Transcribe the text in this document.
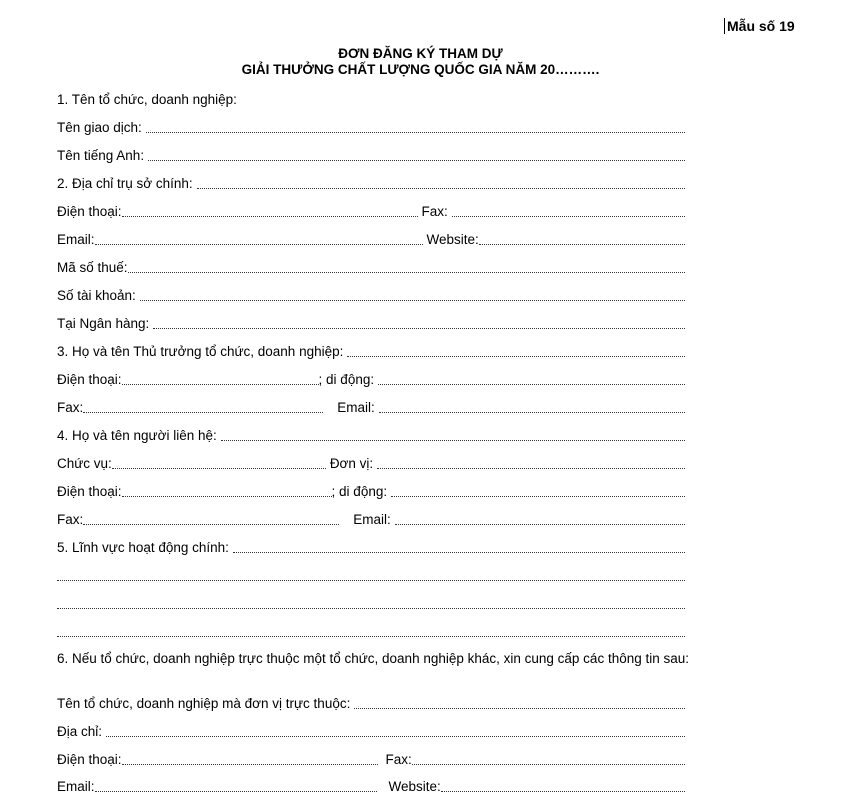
Mẫu số 19
ĐƠN ĐĂNG KÝ THAM DỰ
GIẢI THƯỞNG CHẤT LƯỢNG QUỐC GIA NĂM 20……….
1. Tên tổ chức, doanh nghiệp:
Tên giao dịch:
Tên tiếng Anh:
2. Địa chỉ trụ sở chính:
Điện thoại:	Fax:
Email:	Website:
Mã số thuế:
Số tài khoản:
Tại Ngân hàng:
3. Họ và tên Thủ trưởng tổ chức, doanh nghiệp:
Điện thoại:	; di động:
Fax:	Email:
4. Họ và tên người liên hệ:
Chức vụ:	Đơn vị:
Điện thoại:	; di động:
Fax:	Email:
5. Lĩnh vực hoạt động chính:
6. Nếu tổ chức, doanh nghiệp trực thuộc một tổ chức, doanh nghiệp khác, xin cung cấp các thông tin sau:
Tên tổ chức, doanh nghiệp mà đơn vị trực thuộc:
Địa chỉ:
Điện thoại:	Fax:
Email:	Website:
